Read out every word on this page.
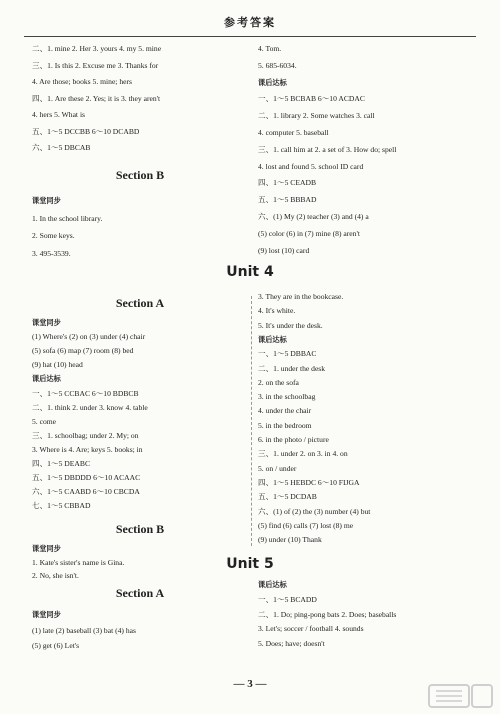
参考答案
二、1. mine 2. Her 3. yours 4. my 5. mine
三、1. Is this 2. Excuse me 3. Thanks for
4. Are those; books 5. mine; hers
四、1. Are these 2. Yes; it is 3. they aren't
4. hers 5. What is
五、1～5 DCCBB 6～10 DCABD
六、1～5 DBCAB
Section B
课堂同步
1. In the school library.
2. Some keys.
3. 495-3539.
4. Tom.
5. 685-6034.
课后达标
一、1～5 BCBAB 6～10 ACDAC
二、1. library 2. Some watches 3. call
4. computer 5. baseball
三、1. call him at 2. a set of 3. How do; spell
4. lost and found 5. school ID card
四、1～5 CEADB
五、1～5 BBBAD
六、(1) My (2) teacher (3) and (4) a
(5) color (6) in (7) mine (8) aren't
(9) lost (10) card
Unit 4
Section A
课堂同步
(1) Where's (2) on (3) under (4) chair
(5) sofa (6) map (7) room (8) bed
(9) hat (10) head
课后达标
一、1～5 CCBAC 6～10 BDBCB
二、1. think 2. under 3. know 4. table
5. come
三、1. schoolbag; under 2. My; on
3. Where is 4. Are; keys 5. books; in
四、1～5 DEABC
五、1～5 DBDDD 6～10 ACAAC
六、1～5 CAABD 6～10 CBCDA
七、1～5 CBBAD
Section B
课堂同步
1. Kate's sister's name is Gina.
2. No, she isn't.
3. They are in the bookcase.
4. It's white.
5. It's under the desk.
课后达标
一、1～5 DBBAC
二、1. under the desk
2. on the sofa
3. in the schoolbag
4. under the chair
5. in the bedroom
6. in the photo / picture
三、1. under 2. on 3. in 4. on
5. on / under
四、1～5 HEBDC 6～10 FIJGA
五、1～5 DCDAB
六、(1) of (2) the (3) number (4) but
(5) find (6) calls (7) lost (8) me
(9) under (10) Thank
Unit 5
Section A
课堂同步
(1) late (2) baseball (3) bat (4) has
(5) get (6) Let's
课后达标
一、1～5 BCADD
二、1. Do; ping-pong bats 2. Does; baseballs
3. Let's; soccer / football 4. sounds
5. Does; have; doesn't
— 3 —
